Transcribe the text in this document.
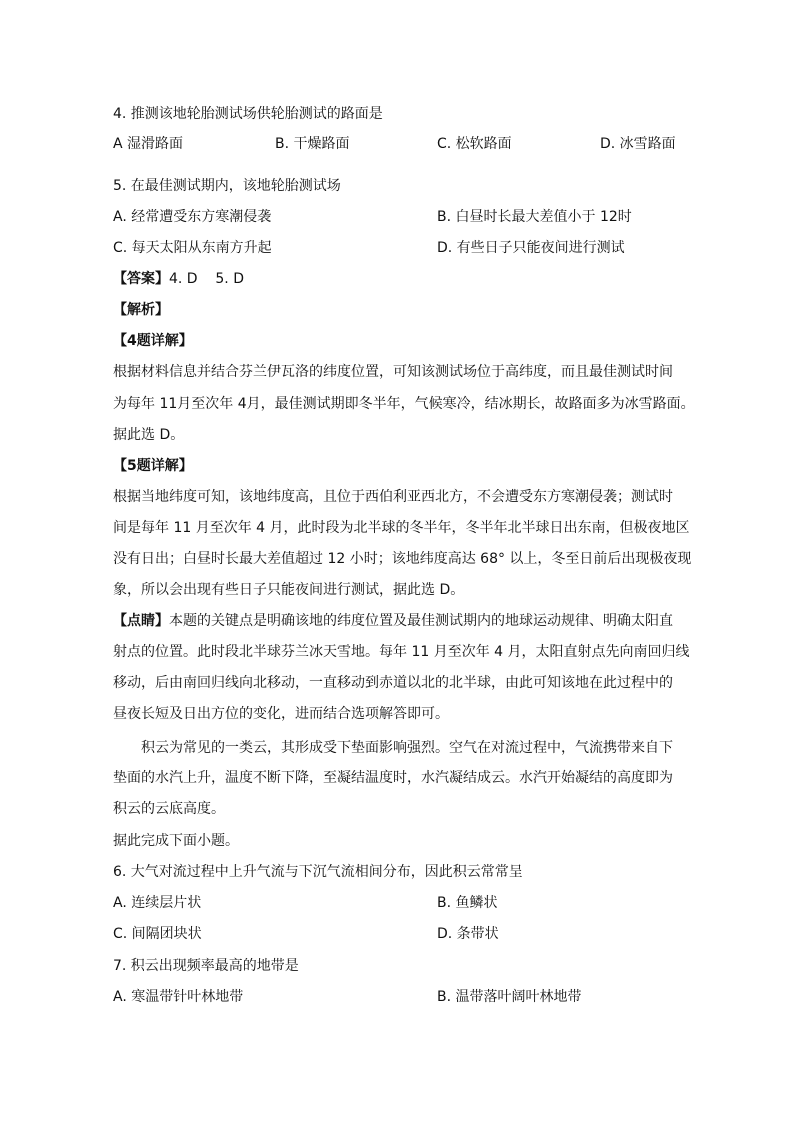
4. 推测该地轮胎测试场供轮胎测试的路面是
A 湿滑路面	B. 干燥路面	C. 松软路面	D. 冰雪路面
5. 在最佳测试期内，该地轮胎测试场
A. 经常遭受东方寒潮侵袭	B. 白昼时长最大差值小于 12时
C. 每天太阳从东南方升起	D. 有些日子只能夜间进行测试
【答案】4. D    5. D
【解析】
【4题详解】
根据材料信息并结合芬兰伊瓦洛的纬度位置，可知该测试场位于高纬度，而且最佳测试时间
为每年 11月至次年 4月，最佳测试期即冬半年，气候寒冷，结冰期长，故路面多为冰雪路面。
据此选 D。
【5题详解】
根据当地纬度可知，该地纬度高，且位于西伯利亚西北方，不会遭受东方寒潮侵袭；测试时
间是每年 11 月至次年 4 月，此时段为北半球的冬半年，冬半年北半球日出东南，但极夜地区
没有日出；白昼时长最大差值超过 12 小时；该地纬度高达 68° 以上，冬至日前后出现极夜现
象，所以会出现有些日子只能夜间进行测试，据此选 D。
【点睛】本题的关键点是明确该地的纬度位置及最佳测试期内的地球运动规律、明确太阳直
射点的位置。此时段北半球芬兰冰天雪地。每年 11 月至次年 4 月，太阳直射点先向南回归线
移动，后由南回归线向北移动，一直移动到赤道以北的北半球，由此可知该地在此过程中的
昼夜长短及日出方位的变化，进而结合选项解答即可。
积云为常见的一类云，其形成受下垫面影响强烈。空气在对流过程中，气流携带来自下
垫面的水汽上升，温度不断下降，至凝结温度时，水汽凝结成云。水汽开始凝结的高度即为
积云的云底高度。
据此完成下面小题。
6. 大气对流过程中上升气流与下沉气流相间分布，因此积云常常呈
A. 连续层片状	B. 鱼鳞状
C. 间隔团块状	D. 条带状
7. 积云出现频率最高的地带是
A. 寒温带针叶林地带	B. 温带落叶阔叶林地带
